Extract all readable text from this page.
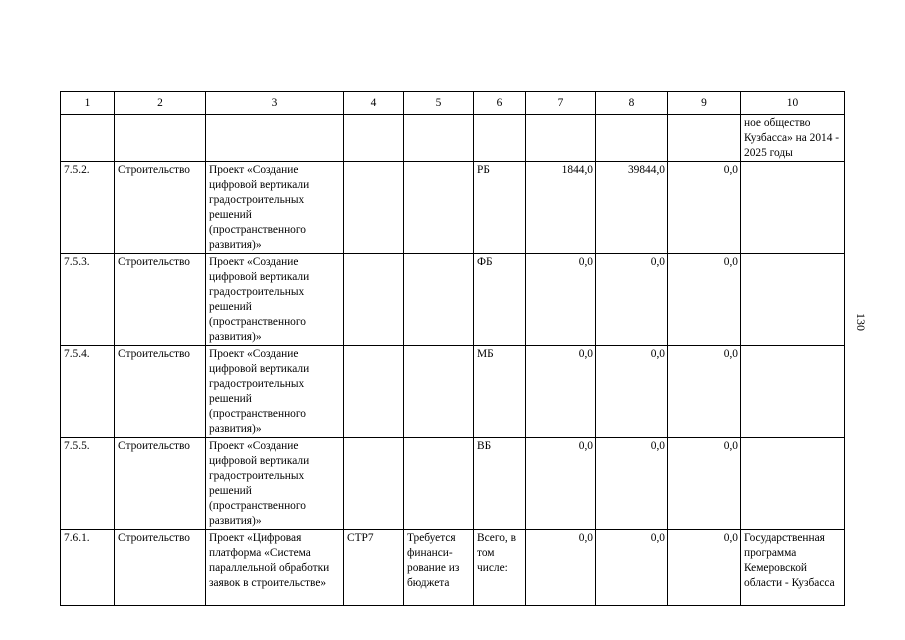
1	2	3	4	5	6	7	8	9	10
									ное общество Кузбасса» на 2014 - 2025 годы
7.5.2.	Строительство	Проект «Создание цифровой вертикали градостроительных решений (пространственного развития)»			РБ	1844,0	39844,0	0,0	
7.5.3.	Строительство	Проект «Создание цифровой вертикали градостроительных решений (пространственного развития)»			ФБ	0,0	0,0	0,0	
7.5.4.	Строительство	Проект «Создание цифровой вертикали градостроительных решений (пространственного развития)»			МБ	0,0	0,0	0,0	
7.5.5.	Строительство	Проект «Создание цифровой вертикали градостроительных решений (пространственного развития)»			ВБ	0,0	0,0	0,0	
7.6.1.	Строительство	Проект «Цифровая платформа «Система параллельной обработки заявок в строительстве»	СТР7	Требуется финанси-рование из бюджета	Всего, в том числе:	0,0	0,0	0,0	Государственная программа Кемеровской области - Кузбасса
130
